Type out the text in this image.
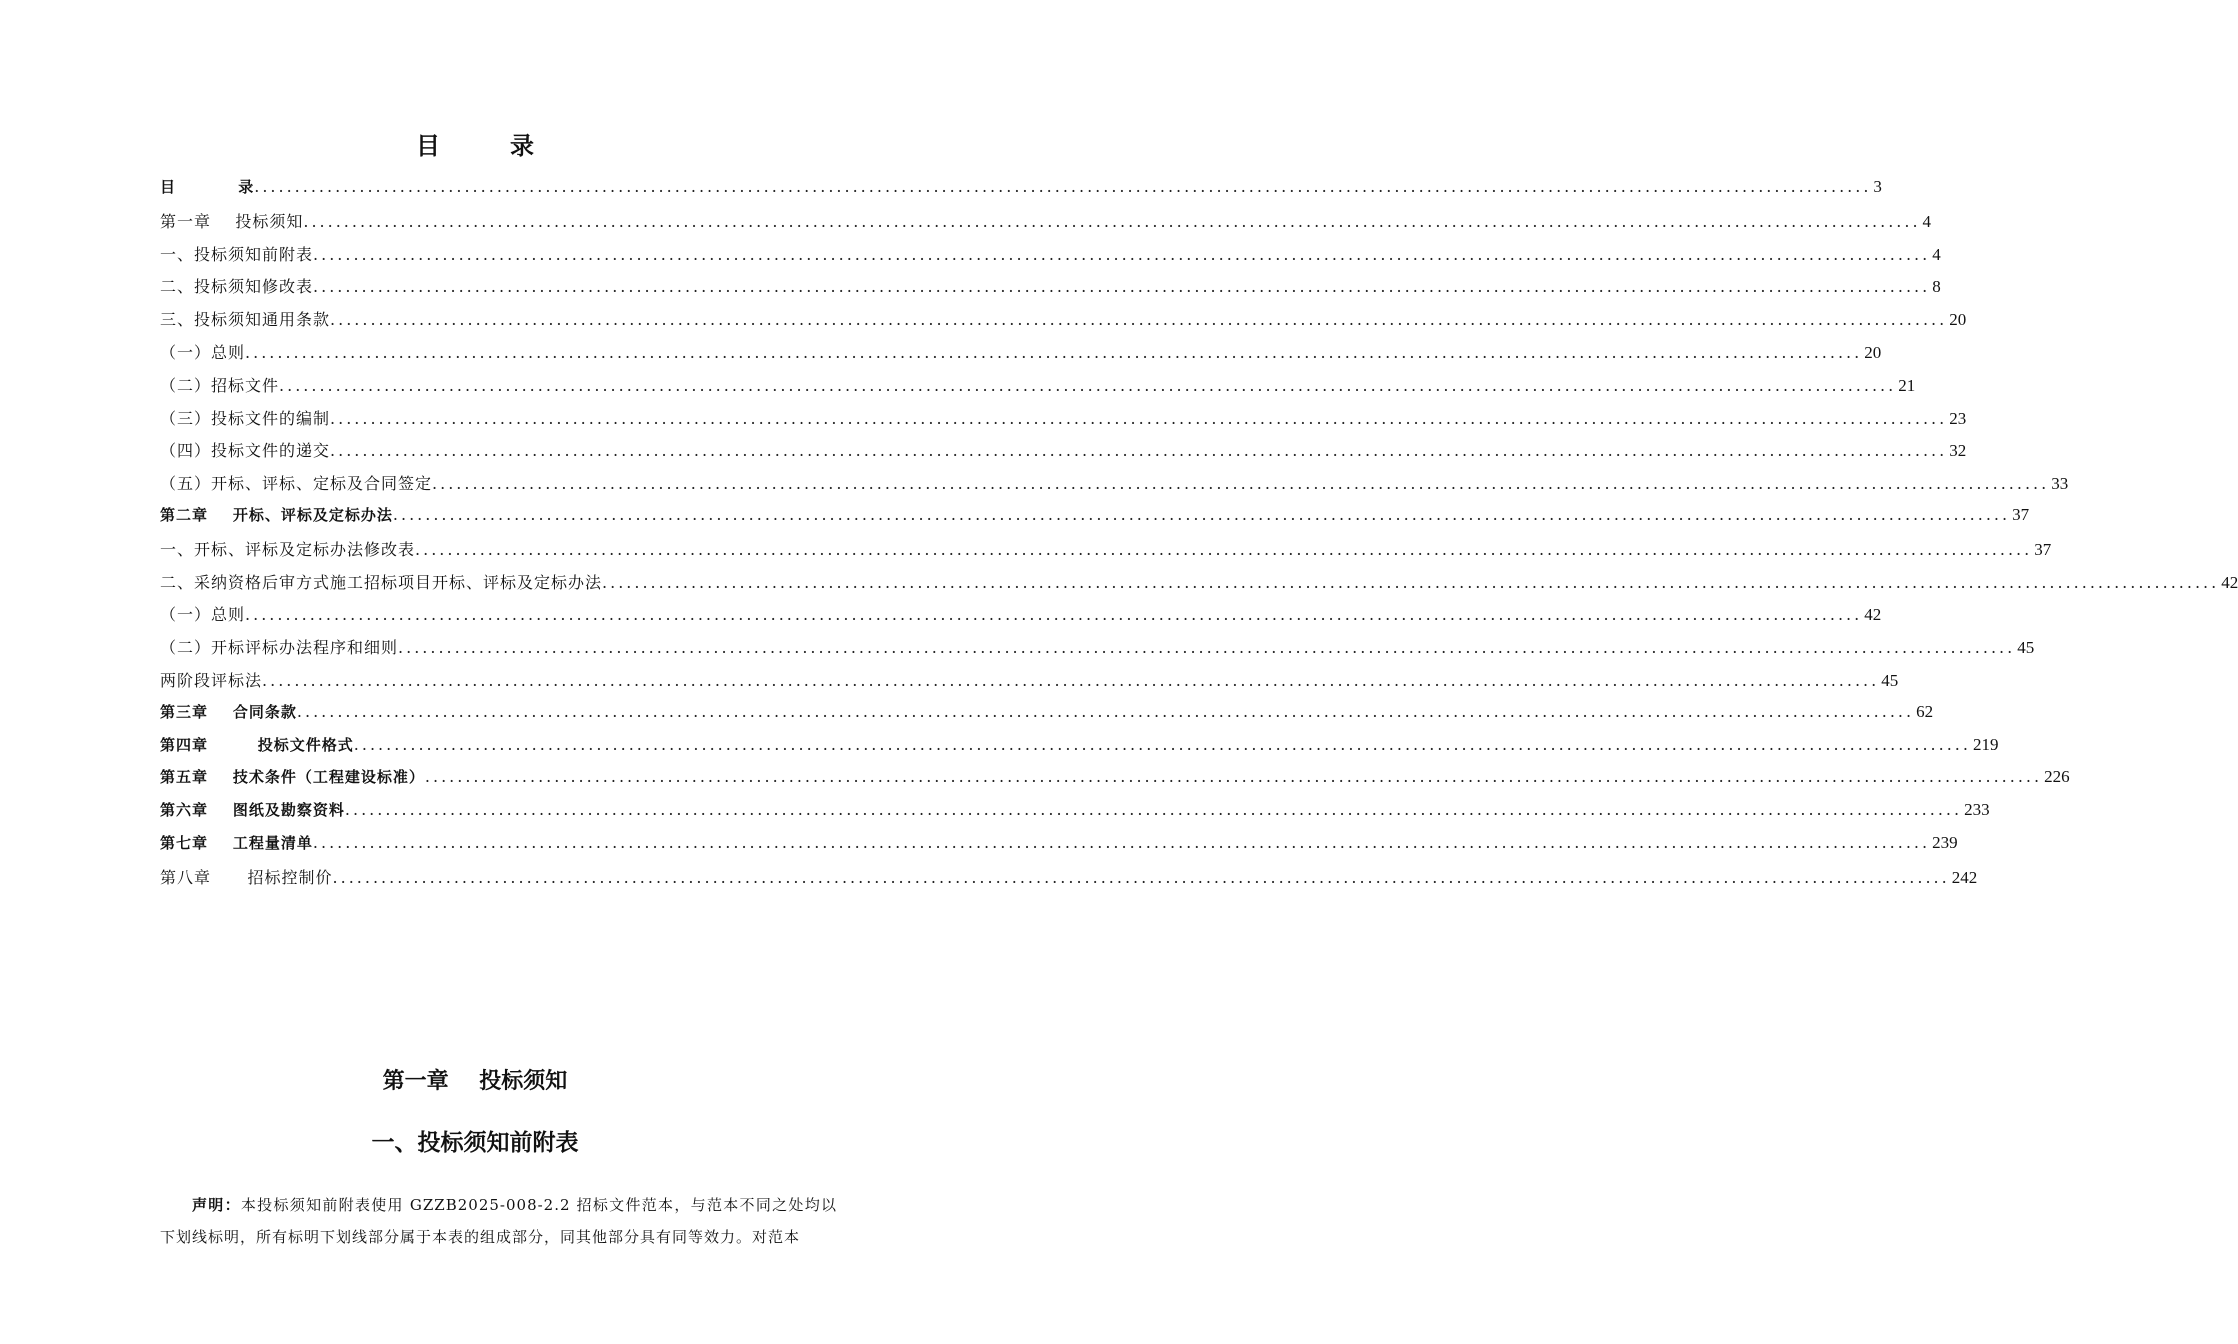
目	录
目          录 ........................................................................................................................................................................................................ 3
第一章    投标须知 ........................................................................................................................................................................................................ 4
一、投标须知前附表 ........................................................................................................................................................................................................ 4
二、投标须知修改表 ........................................................................................................................................................................................................ 8
三、投标须知通用条款 ........................................................................................................................................................................................................ 20
（一）总则 ........................................................................................................................................................................................................ 20
（二）招标文件 ........................................................................................................................................................................................................ 21
（三）投标文件的编制 ........................................................................................................................................................................................................ 23
（四）投标文件的递交 ........................................................................................................................................................................................................ 32
（五）开标、评标、定标及合同签定 ........................................................................................................................................................................................................ 33
第二章    开标、评标及定标办法 ........................................................................................................................................................................................................ 37
一、开标、评标及定标办法修改表 ........................................................................................................................................................................................................ 37
二、采纳资格后审方式施工招标项目开标、评标及定标办法 ........................................................................................................................................................................................................ 42
（一）总则 ........................................................................................................................................................................................................ 42
（二）开标评标办法程序和细则 ........................................................................................................................................................................................................ 45
两阶段评标法 ........................................................................................................................................................................................................ 45
第三章    合同条款 ........................................................................................................................................................................................................ 62
第四章        投标文件格式 ........................................................................................................................................................................................................ 219
第五章    技术条件（工程建设标准） ........................................................................................................................................................................................................ 226
第六章    图纸及勘察资料 ........................................................................................................................................................................................................ 233
第七章    工程量清单 ........................................................................................................................................................................................................ 239
第八章      招标控制价 ........................................................................................................................................................................................................ 242
第一章    投标须知
一、投标须知前附表

声明：本投标须知前附表使用 GZZB2025-008-2.2 招标文件范本，与范本不同之处均以下划线标明，所有标明下划线部分属于本表的组成部分，同其他部分具有同等效力。对范本
